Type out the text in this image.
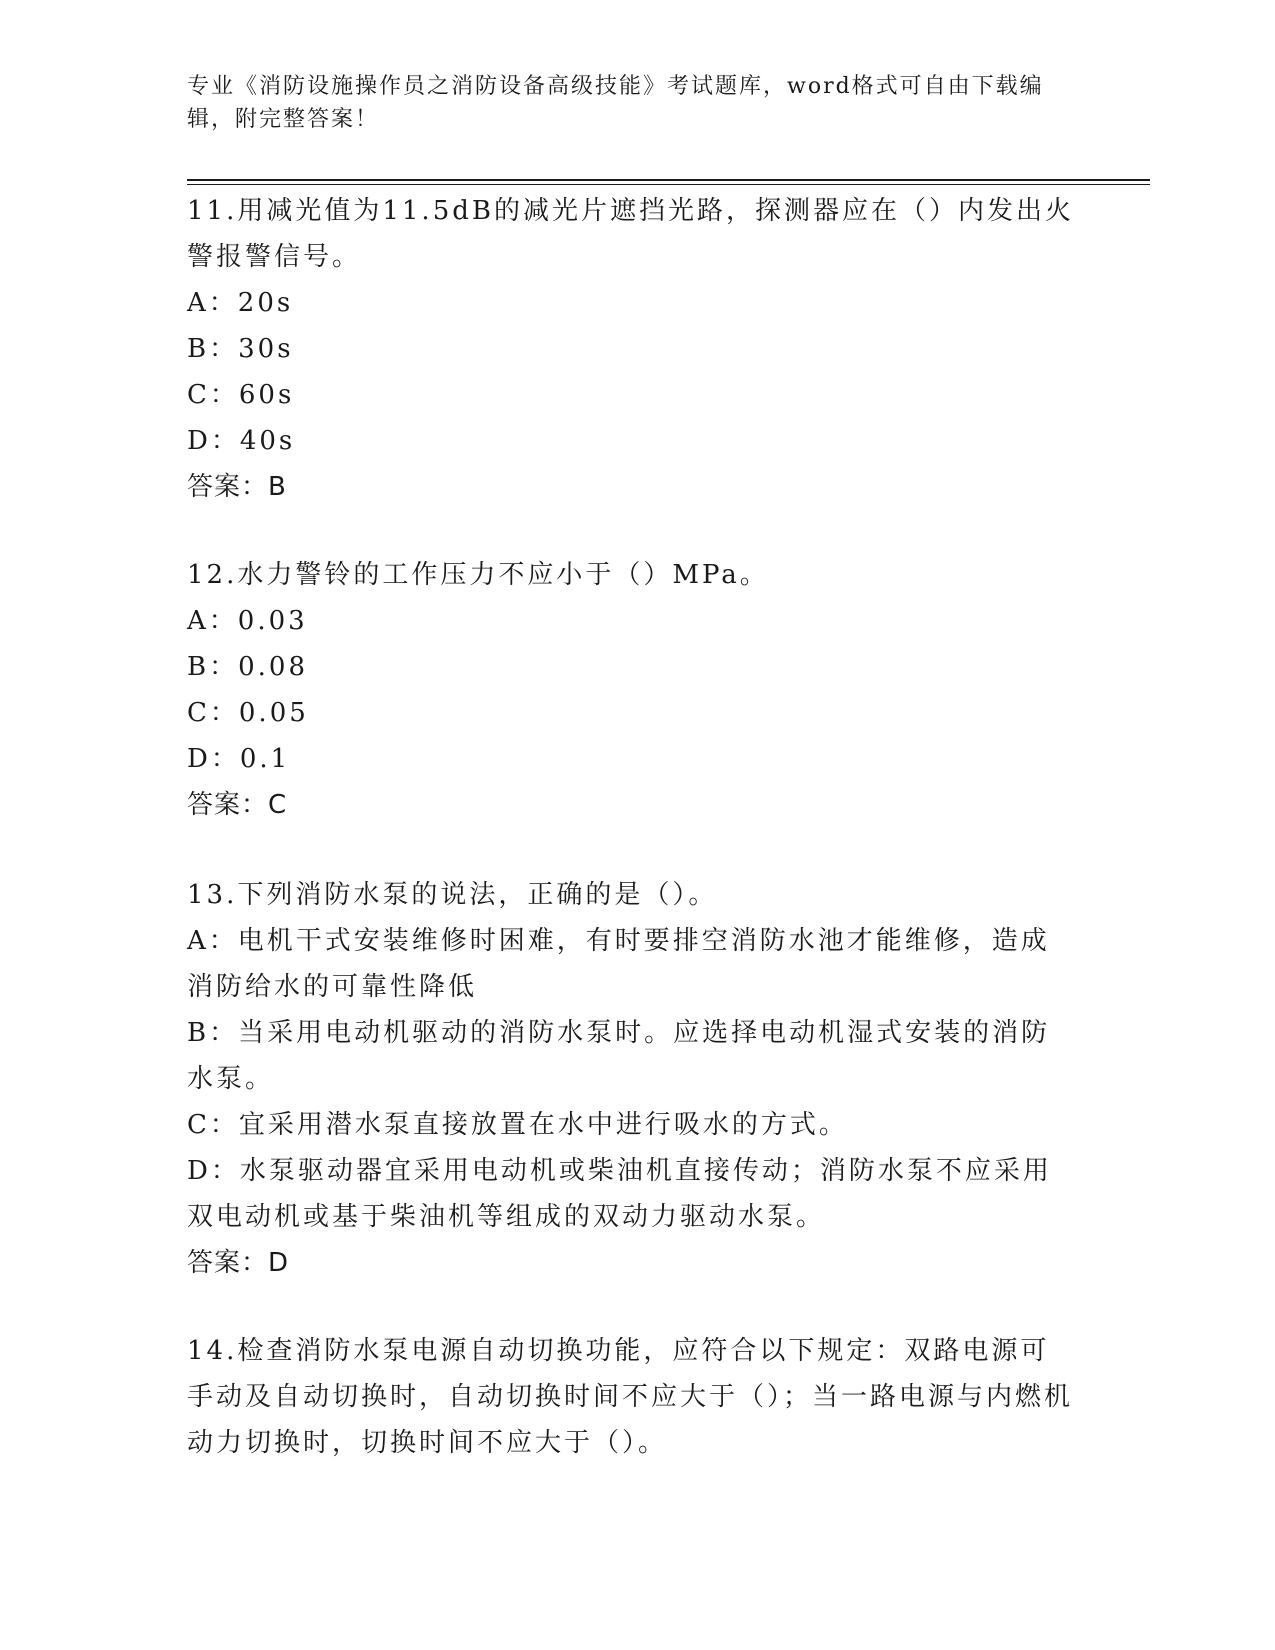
专业《消防设施操作员之消防设备高级技能》考试题库，word格式可自由下载编辑，附完整答案！
11.用减光值为11.5dB的减光片遮挡光路，探测器应在（）内发出火警报警信号。
A：20s
B：30s
C：60s
D：40s
答案：B
12.水力警铃的工作压力不应小于（）MPa。
A：0.03
B：0.08
C：0.05
D：0.1
答案：C
13.下列消防水泵的说法，正确的是（）。
A：电机干式安装维修时困难，有时要排空消防水池才能维修，造成消防给水的可靠性降低
B：当采用电动机驱动的消防水泵时。应选择电动机湿式安装的消防水泵。
C：宜采用潜水泵直接放置在水中进行吸水的方式。
D：水泵驱动器宜采用电动机或柴油机直接传动；消防水泵不应采用双电动机或基于柴油机等组成的双动力驱动水泵。
答案：D
14.检查消防水泵电源自动切换功能，应符合以下规定：双路电源可手动及自动切换时，自动切换时间不应大于（）；当一路电源与内燃机动力切换时，切换时间不应大于（）。
